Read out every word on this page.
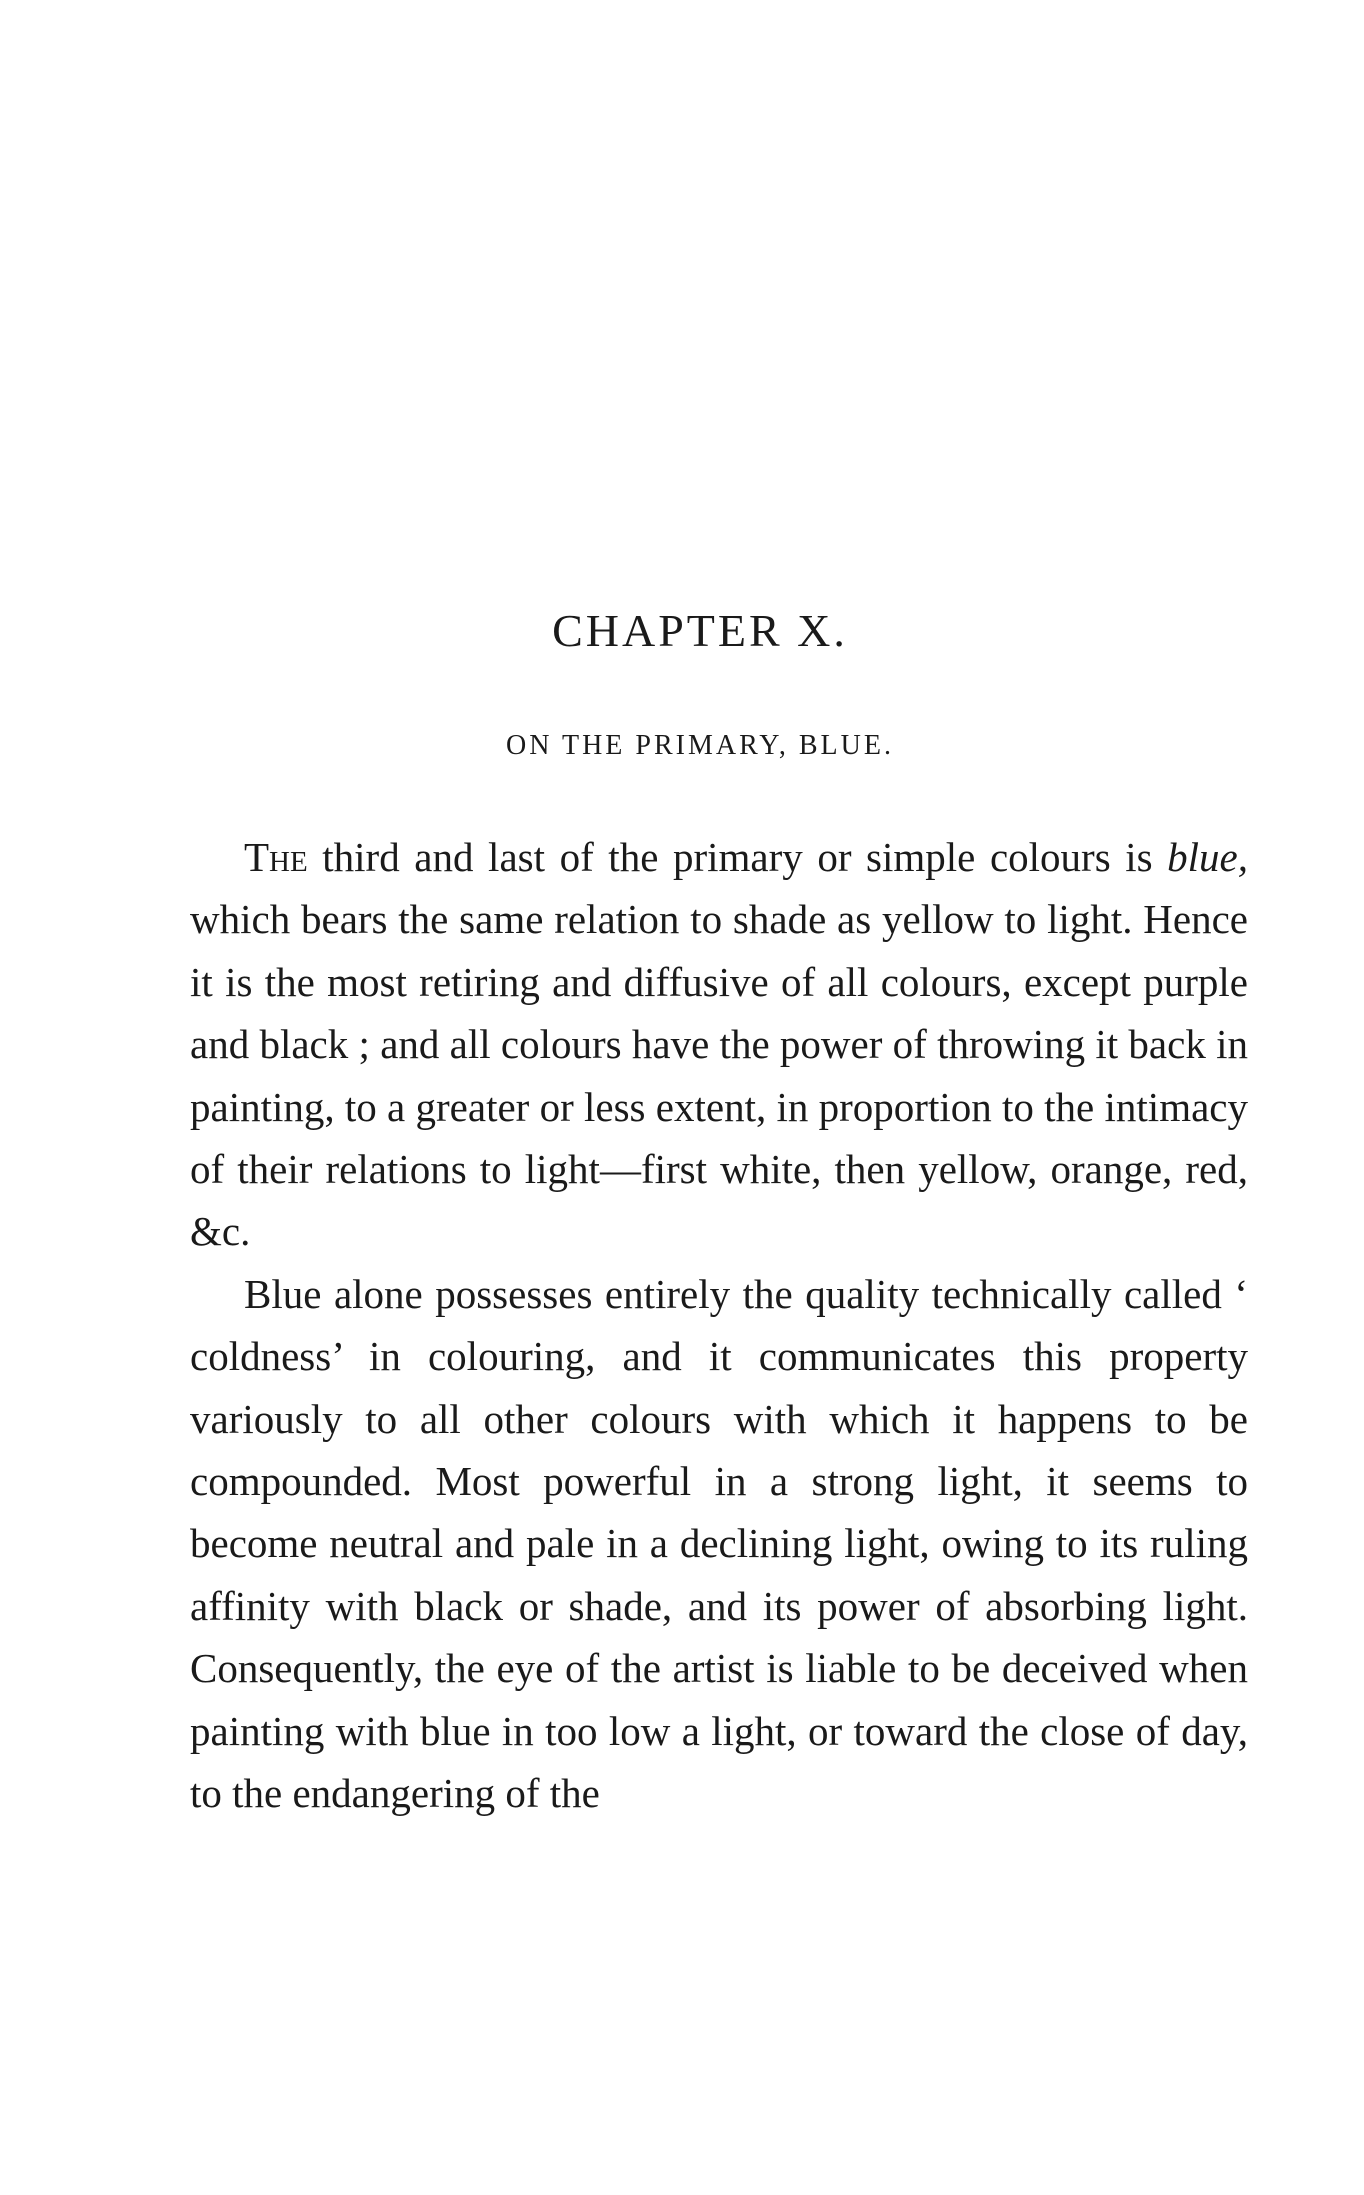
CHAPTER X.
ON THE PRIMARY, BLUE.

The third and last of the primary or simple colours is blue, which bears the same relation to shade as yellow to light. Hence it is the most retiring and diffusive of all colours, except purple and black ; and all colours have the power of throwing it back in painting, to a greater or less extent, in proportion to the intimacy of their relations to light—first white, then yellow, orange, red, &c.

Blue alone possesses entirely the quality technically called ‘ coldness’ in colouring, and it communicates this property variously to all other colours with which it happens to be compounded. Most powerful in a strong light, it seems to become neutral and pale in a declining light, owing to its ruling affinity with black or shade, and its power of absorbing light. Consequently, the eye of the artist is liable to be deceived when painting with blue in too low a light, or toward the close of day, to the endangering of the
